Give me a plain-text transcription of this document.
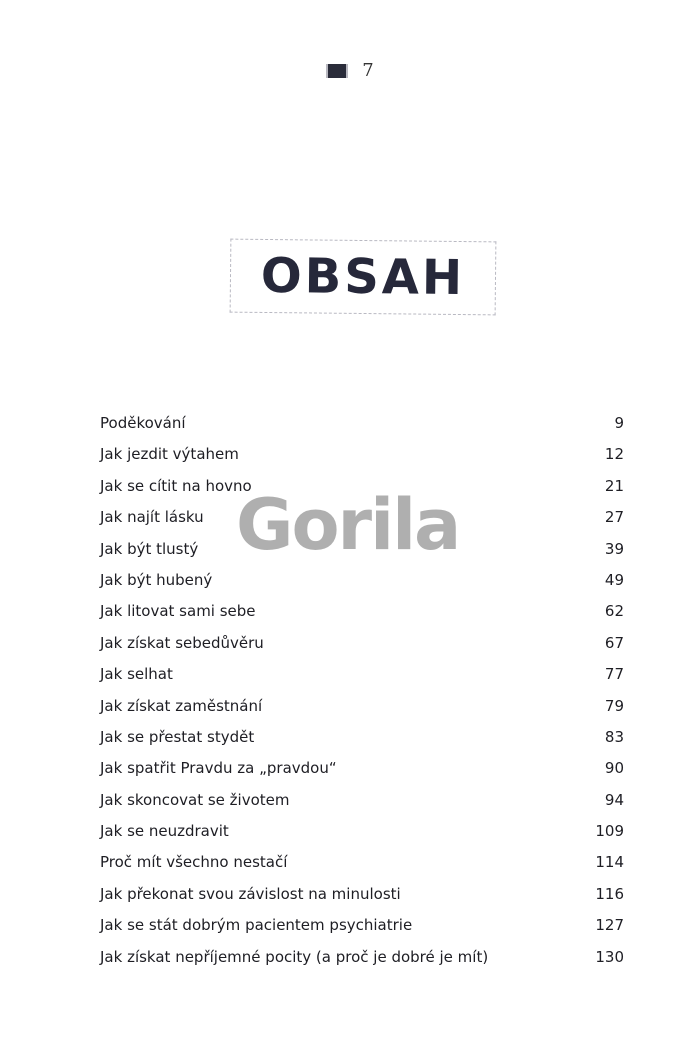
7
OBSAH
Poděkování	9
Jak jezdit výtahem	12
Jak se cítit na hovno	21
Jak najít lásku	27
Jak být tlustý	39
Jak být hubený	49
Jak litovat sami sebe	62
Jak získat sebedůvěru	67
Jak selhat	77
Jak získat zaměstnání	79
Jak se přestat stydět	83
Jak spatřit Pravdu za „pravdou“	90
Jak skoncovat se životem	94
Jak se neuzdravit	109
Proč mít všechno nestačí	114
Jak překonat svou závislost na minulosti	116
Jak se stát dobrým pacientem psychiatrie	127
Jak získat nepříjemné pocity (a proč je dobré je mít)	130
Gorila
